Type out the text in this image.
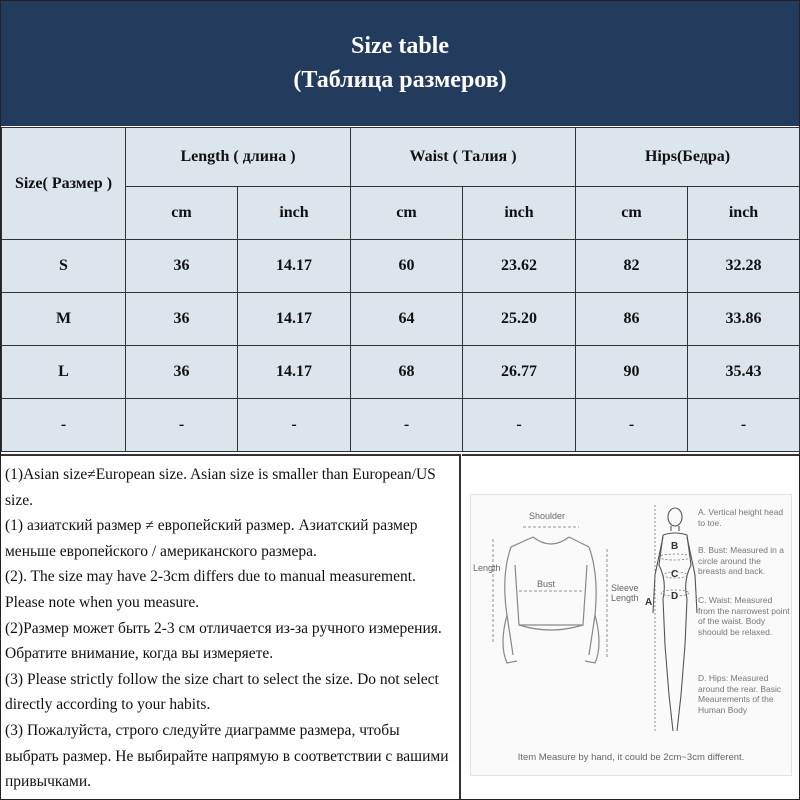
Size table
(Таблица размеров)
Size( Размер )	Length ( длина )		Waist ( Талия )		Hips(Бедра)	
	cm	inch	cm	inch	cm	inch
S	36	14.17	60	23.62	82	32.28
M	36	14.17	64	25.20	86	33.86
L	36	14.17	68	26.77	90	35.43
-	-	-	-	-	-	-

(1)Asian size≠European size. Asian size is smaller than European/US size.

(1) азиатский размер ≠ европейский размер. Азиатский размер меньше европейского / американского размера.

(2). The size may have 2-3cm differs due to manual measurement. Please note when you measure.

(2)Размер может быть 2-3 см отличается из-за ручного измерения. Обратите внимание, когда вы измеряете.

(3) Please strictly follow the size chart to select the size. Do not select directly according to your habits.

(3) Пожалуйста, строго следуйте диаграмме размера, чтобы выбрать размер. Не выбирайте напрямую в соответствии с вашими привычками.

Shoulder
Length
Bust	Sleeve
Length A
B
C
D
A. Vertical height head to toe.
B. Bust: Measured in a circle around the breasts and back.
C. Waist: Measured from the narrowest point of the waist. Body shoould be relaxed.
D. Hips: Measured around the rear. Basic Meaurements of the Human Body
Item Measure by hand, it could be 2cm~3cm different.
